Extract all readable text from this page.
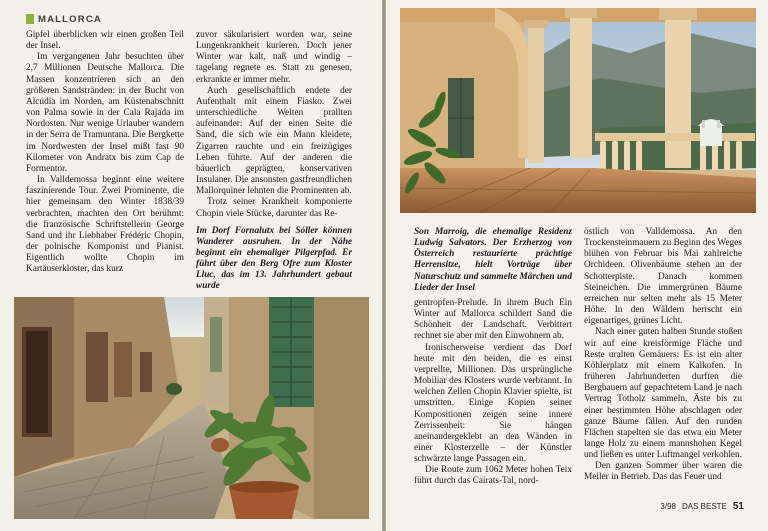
MALLORCA

Gipfel überblicken wir einen großen Teil der Insel.

Im vergangenen Jahr besuchten über 2,7 Millionen Deutsche Mallorca. Die Massen konzentrieren sich an den größeren Sandstränden: in der Bucht von Alcúdia im Norden, am Küstenabschnitt von Palma sowie in der Cala Rajada im Nordosten. Nur wenige Urlauber wandern in der Serra de Tramuntana. Die Bergkette im Nordwesten der Insel mißt fast 90 Kilometer von Andratx bis zum Cap de Formentor.

In Valldemossa beginnt eine weitere faszinierende Tour. Zwei Prominente, die hier gemeinsam den Winter 1838/39 verbrachten, machten den Ort berühmt: die französische Schriftstellerin George Sand und ihr Liebhaber Frédéric Chopin, der polnische Komponist und Pianist. Eigentlich wollte Chopin im Kartäuserkloster, das kurz

zuvor säkularisiert worden war, seine Lungenkrankheit kurieren. Doch jener Winter war kalt, naß und windig – tagelang regnete es. Statt zu genesen, erkrankte er immer mehr.

Auch gesellschaftlich endete der Aufenthalt mit einem Fiasko. Zwei unterschiedliche Welten prallten aufeinander: Auf der einen Seite die Sand, die sich wie ein Mann kleidete, Zigarren rauchte und ein freizügiges Leben führte. Auf der anderen die bäuerlich geprägten, konservativen Insulaner. Die ansonsten gastfreundlichen Mallorquiner lehnten die Prominenten ab.

Trotz seiner Krankheit komponierte Chopin viele Stücke, darunter das Re-

Im Dorf Fornalutx bei Sóller können Wanderer ausruhen. In der Nähe beginnt ein ehemaliger Pilgerpfad. Er führt über den Berg Ofre zum Kloster Lluc, das im 13. Jahrhundert gebaut wurde

Son Marroig, die ehemalige Residenz Ludwig Salvators. Der Erzherzog von Österreich restaurierte prächtige Herrensitze, hielt Vorträge über Naturschutz und sammelte Märchen und Lieder der Insel

gentropfen-Prelude. In ihrem Buch Ein Winter auf Mallorca schildert Sand die Schönheit der Landschaft. Verbittert rechnet sie aber mit den Einwohnern ab.

Ironischerweise verdient das Dorf heute mit den beiden, die es einst verprellte, Millionen. Das ursprüngliche Mobiliar des Klosters wurde verbrannt. In welchen Zellen Chopin Klavier spielte, ist umstritten. Einige Kopien seiner Kompositionen zeigen seine innere Zerrissenheit: Sie hängen aneinandergeklebt an den Wänden in einer Klosterzelle – der Künstler schwärzte lange Passagen ein.

Die Route zum 1062 Meter hohen Teix führt durch das Cairats-Tal, nord-

östlich von Valldemossa. An den Trockensteinmauern zu Beginn des Weges blühen von Februar bis Mai zahlreiche Orchideen. Olivenbäume stehen an der Schotterpiste. Danach kommen Steineichen. Die immergrünen Bäume erreichen nur selten mehr als 15 Meter Höhe. In den Wäldern herrscht ein eigenartiges, grünes Licht.

Nach einer guten halben Stunde stoßen wir auf eine kreisförmige Fläche und Reste uralten Gemäuers: Es ist ein alter Köhlerplatz mit einem Kalkofen. In früheren Jahrhunderten durften die Bergbauern auf gepachtetem Land je nach Vertrag Totholz sammeln, Äste bis zu einer bestimmten Höhe abschlagen oder ganze Bäume fällen. Auf den runden Flächen stapelten sie das etwa ein Meter lange Holz zu einem mannshohen Kegel und ließen es unter Luftmangel verkohlen.

Den ganzen Sommer über waren die Meiler in Betrieb. Das das Feuer und

3/98 DAS BESTE 51
